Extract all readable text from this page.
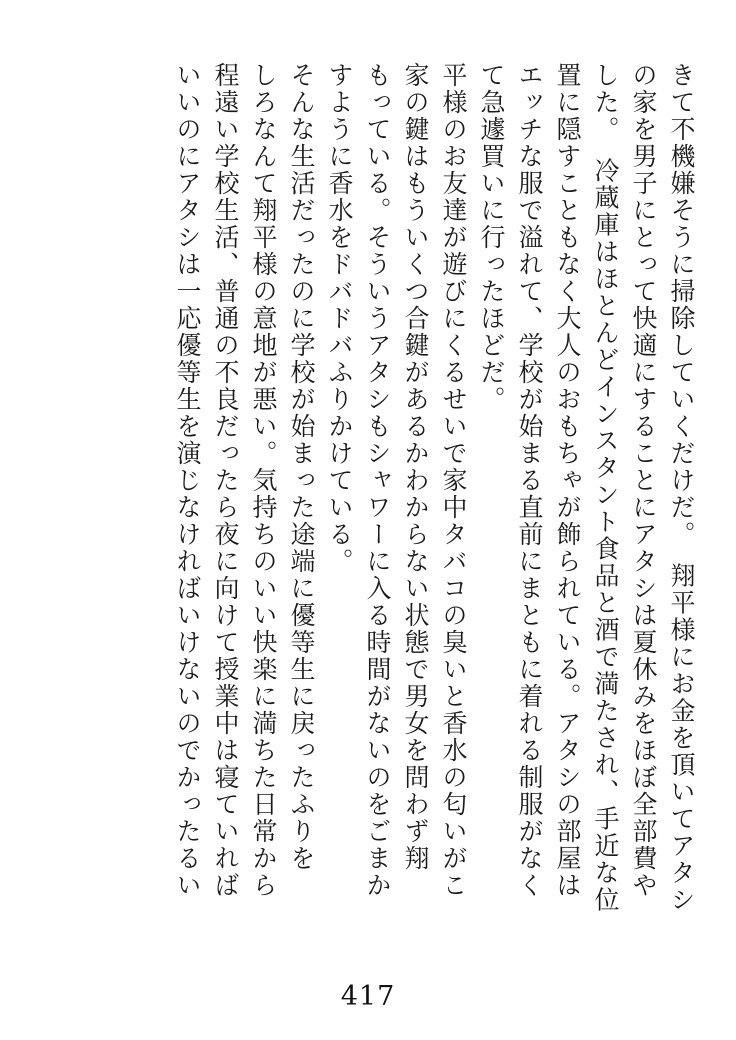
きて不機嫌そうに掃除していくだけだ。　翔平様にお金を頂いてアタシ
の家を男子にとって快適にすることにアタシは夏休みをほぼ全部費や
した。　冷蔵庫はほとんどインスタント食品と酒で満たされ、手近な位
置に隠すこともなく大人のおもちゃが飾られている。アタシの部屋は
エッチな服で溢れて、学校が始まる直前にまともに着れる制服がなく
て急遽買いに行ったほどだ。
平様のお友達が遊びにくるせいで家中タバコの臭いと香水の匂いがこ
家の鍵はもういくつ合鍵があるかわからない状態で男女を問わず翔
もっている。そういうアタシもシャワーに入る時間がないのをごまか
すように香水をドバドバふりかけている。
そんな生活だったのに学校が始まった途端に優等生に戻ったふりを
しろなんて翔平様の意地が悪い。気持ちのいい快楽に満ちた日常から
程遠い学校生活、普通の不良だったら夜に向けて授業中は寝ていれば
いいのにアタシは一応優等生を演じなければいけないのでかったるい
417
